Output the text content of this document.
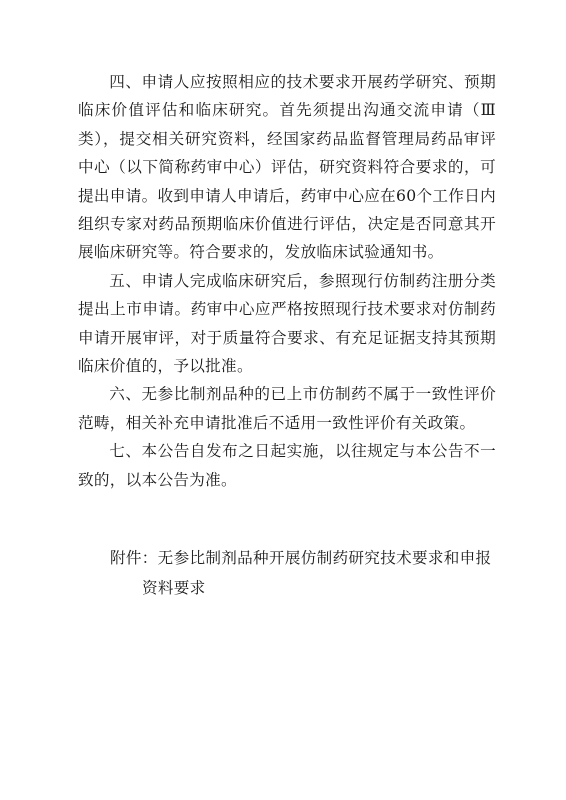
四、申请人应按照相应的技术要求开展药学研究、预期临床价值评估和临床研究。首先须提出沟通交流申请（Ⅲ类），提交相关研究资料，经国家药品监督管理局药品审评中心（以下简称药审中心）评估，研究资料符合要求的，可提出申请。收到申请人申请后，药审中心应在60个工作日内组织专家对药品预期临床价值进行评估，决定是否同意其开展临床研究等。符合要求的，发放临床试验通知书。

五、申请人完成临床研究后，参照现行仿制药注册分类提出上市申请。药审中心应严格按照现行技术要求对仿制药申请开展审评，对于质量符合要求、有充足证据支持其预期临床价值的，予以批准。

六、无参比制剂品种的已上市仿制药不属于一致性评价范畴，相关补充申请批准后不适用一致性评价有关政策。

七、本公告自发布之日起实施，以往规定与本公告不一致的，以本公告为准。

附件：无参比制剂品种开展仿制药研究技术要求和申报

资料要求
